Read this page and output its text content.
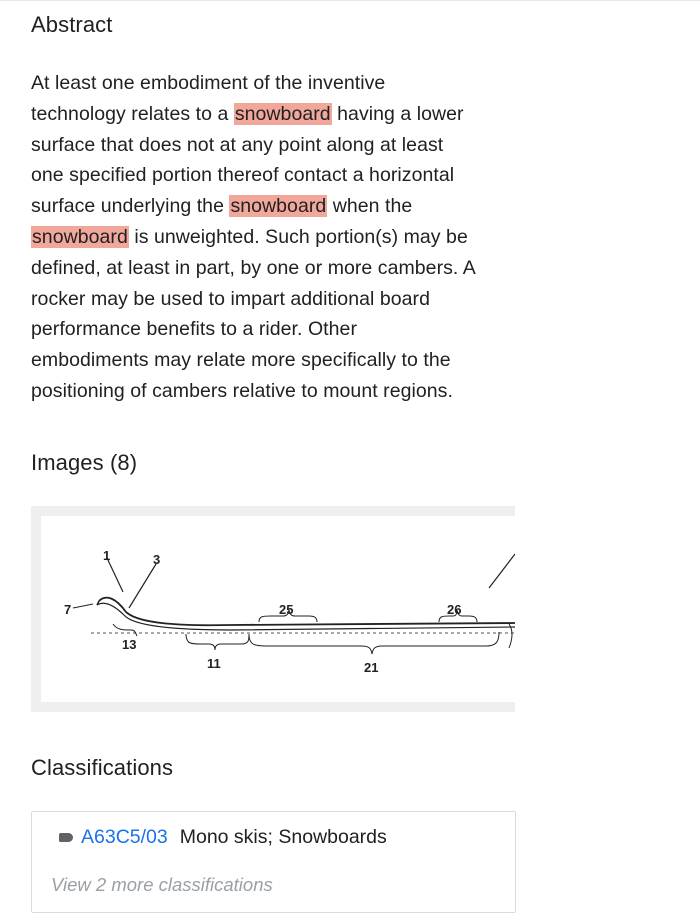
Abstract
At least one embodiment of the inventive
technology relates to a snowboard having a lower
surface that does not at any point along at least
one specified portion thereof contact a horizontal
surface underlying the snowboard when the
snowboard is unweighted. Such portion(s) may be
defined, at least in part, by one or more cambers. A
rocker may be used to impart additional board
performance benefits to a rider. Other
embodiments may relate more specifically to the
positioning of cambers relative to mount regions.
Images (8)
1	3
7
13
11
25
21
26
Classifications
A63C5/03 Mono skis; Snowboards
View 2 more classifications
